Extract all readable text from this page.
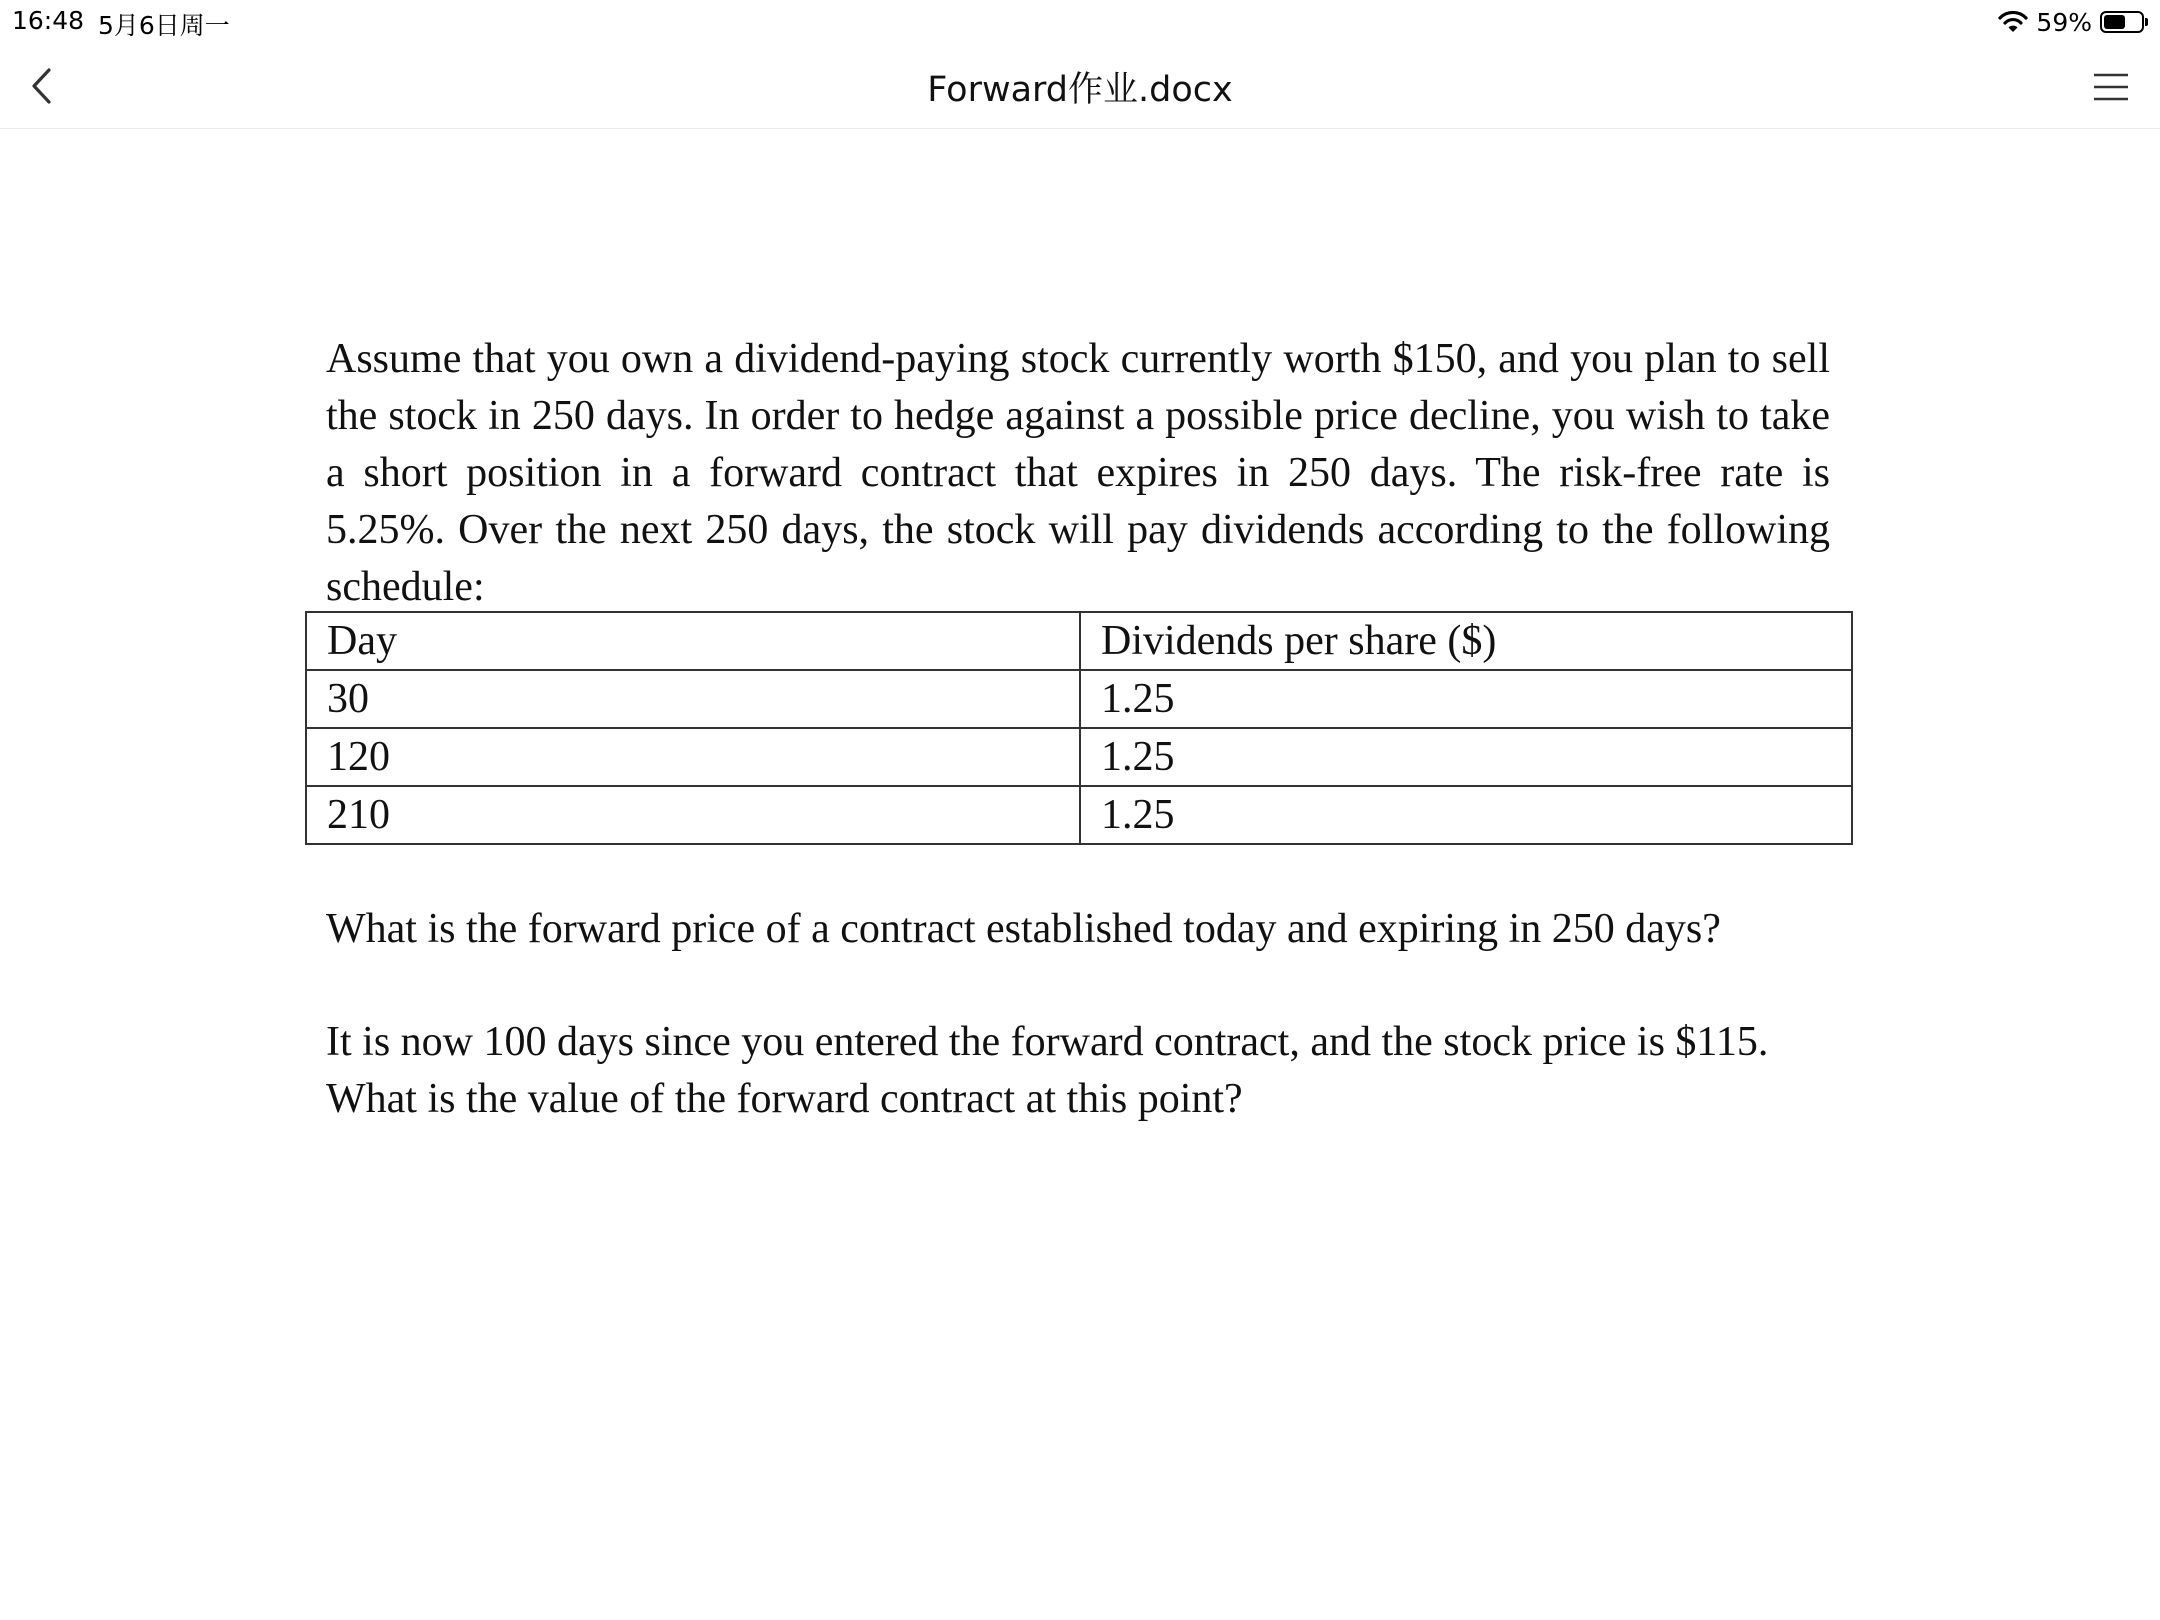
16:48 5月6日周一	59%
Forward作业.docx

Assume that you own a dividend-paying stock currently worth $150, and you plan to sell the stock in 250 days. In order to hedge against a possible price decline, you wish to take a short position in a forward contract that expires in 250 days. The risk-free rate is 5.25%. Over the next 250 days, the stock will pay dividends according to the following schedule:

Day	Dividends per share ($)
30	1.25
120	1.25
210	1.25

What is the forward price of a contract established today and expiring in 250 days?

It is now 100 days since you entered the forward contract, and the stock price is $115. What is the value of the forward contract at this point?
